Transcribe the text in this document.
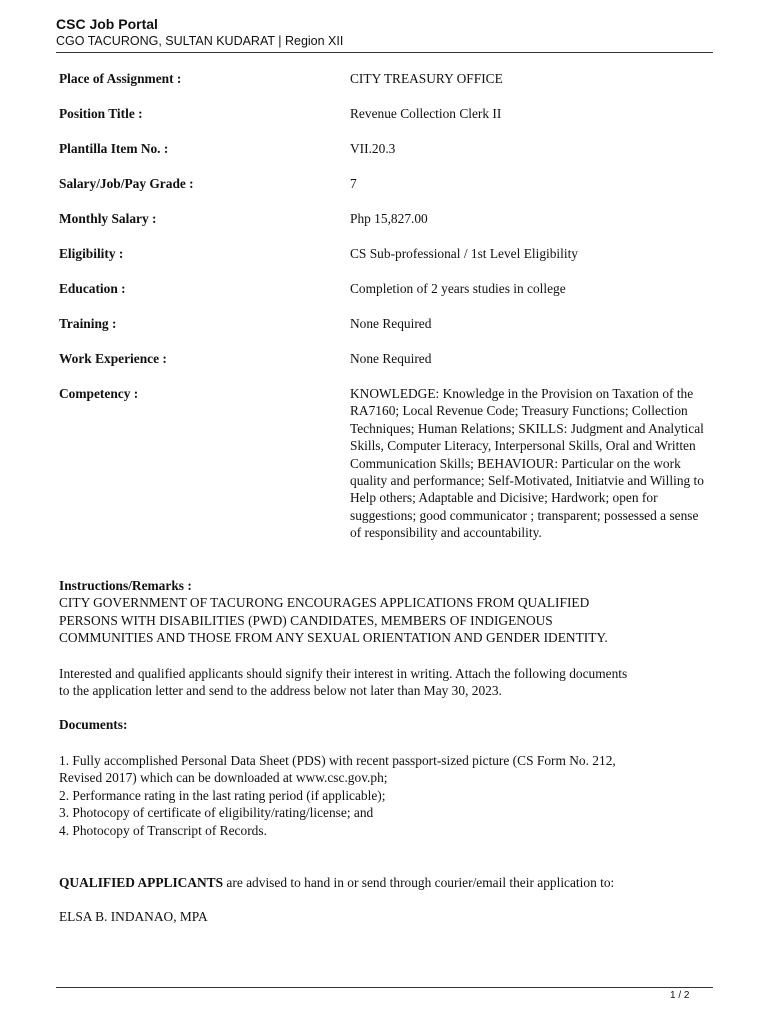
CSC Job Portal
CGO TACURONG, SULTAN KUDARAT | Region XII
Place of Assignment :	CITY TREASURY OFFICE
Position Title :	Revenue Collection Clerk II
Plantilla Item No. :	VII.20.3
Salary/Job/Pay Grade :	7
Monthly Salary :	Php 15,827.00
Eligibility :	CS Sub-professional / 1st Level Eligibility
Education :	Completion of 2 years studies in college
Training :	None Required
Work Experience :	None Required
Competency :	KNOWLEDGE: Knowledge in the Provision on Taxation of the RA7160; Local Revenue Code; Treasury Functions; Collection Techniques; Human Relations; SKILLS: Judgment and Analytical Skills, Computer Literacy, Interpersonal Skills, Oral and Written Communication Skills; BEHAVIOUR: Particular on the work quality and performance; Self-Motivated, Initiatvie and Willing to Help others; Adaptable and Dicisive; Hardwork; open for suggestions; good communicator ; transparent; possessed a sense of responsibility and accountability.
Instructions/Remarks :
CITY GOVERNMENT OF TACURONG ENCOURAGES APPLICATIONS FROM QUALIFIED
PERSONS WITH DISABILITIES (PWD) CANDIDATES, MEMBERS OF INDIGENOUS
COMMUNITIES AND THOSE FROM ANY SEXUAL ORIENTATION AND GENDER IDENTITY.
Interested and qualified applicants should signify their interest in writing. Attach the following documents
to the application letter and send to the address below not later than May 30, 2023.
Documents:
1. Fully accomplished Personal Data Sheet (PDS) with recent passport-sized picture (CS Form No. 212,
Revised 2017) which can be downloaded at www.csc.gov.ph;
2. Performance rating in the last rating period (if applicable);
3. Photocopy of certificate of eligibility/rating/license; and
4. Photocopy of Transcript of Records.
QUALIFIED APPLICANTS are advised to hand in or send through courier/email their application to:
ELSA B. INDANAO, MPA
1 / 2
